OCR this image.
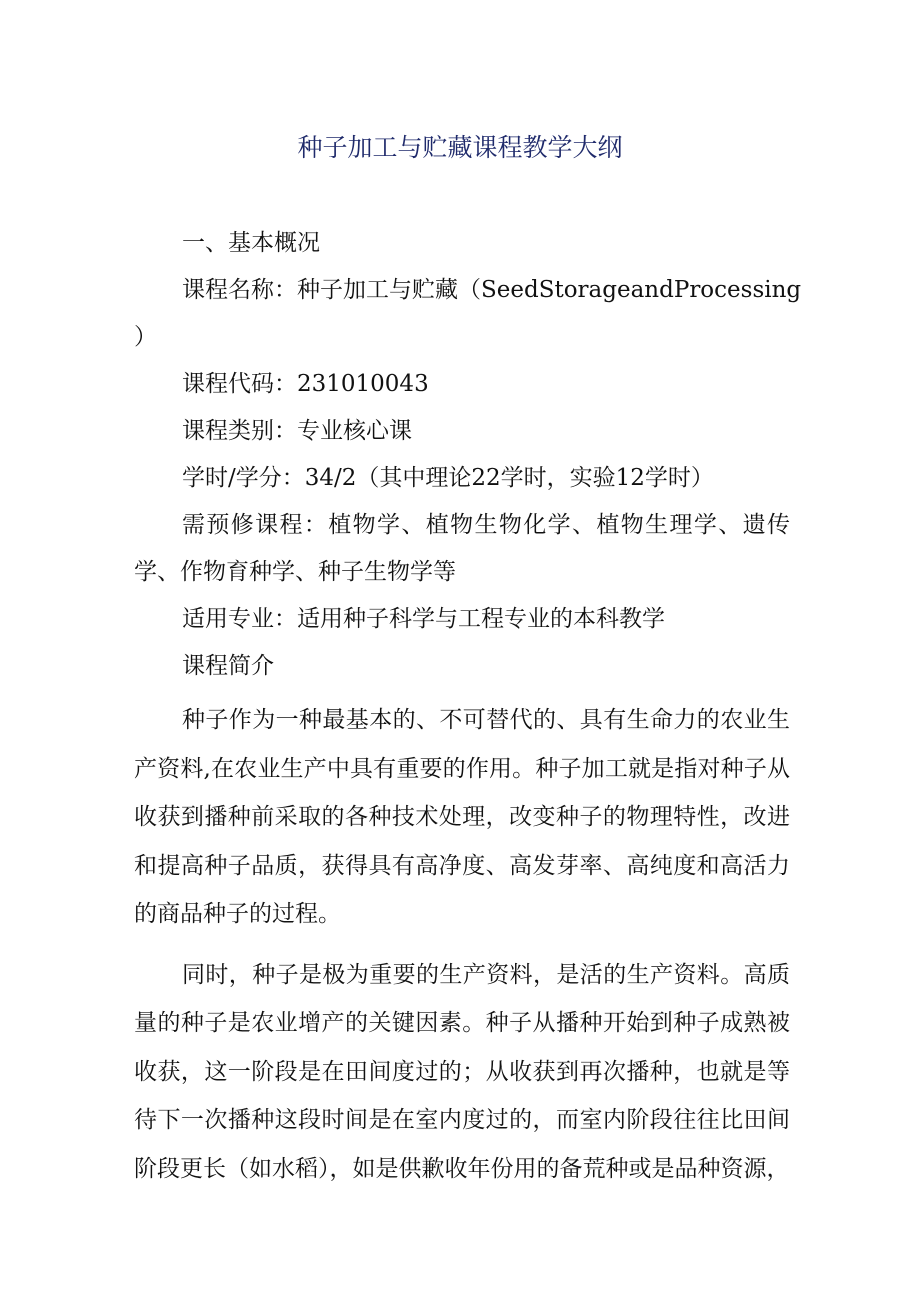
种子加工与贮藏课程教学大纲
一、基本概况
课程名称：种子加工与贮藏（SeedStorageandProcessing
）
课程代码：231010043
课程类别：专业核心课
学时/学分：34/2（其中理论22学时，实验12学时）

需预修课程：植物学、植物生物化学、植物生理学、遗传学、作物育种学、种子生物学等

适用专业：适用种子科学与工程专业的本科教学
课程简介

种子作为一种最基本的、不可替代的、具有生命力的农业生产资料,在农业生产中具有重要的作用。种子加工就是指对种子从收获到播种前采取的各种技术处理，改变种子的物理特性，改进和提高种子品质，获得具有高净度、高发芽率、高纯度和高活力的商品种子的过程。

同时，种子是极为重要的生产资料，是活的生产资料。高质量的种子是农业增产的关键因素。种子从播种开始到种子成熟被收获，这一阶段是在田间度过的；从收获到再次播种，也就是等待下一次播种这段时间是在室内度过的，而室内阶段往往比田间阶段更长（如水稻），如是供歉收年份用的备荒种或是品种资源，
